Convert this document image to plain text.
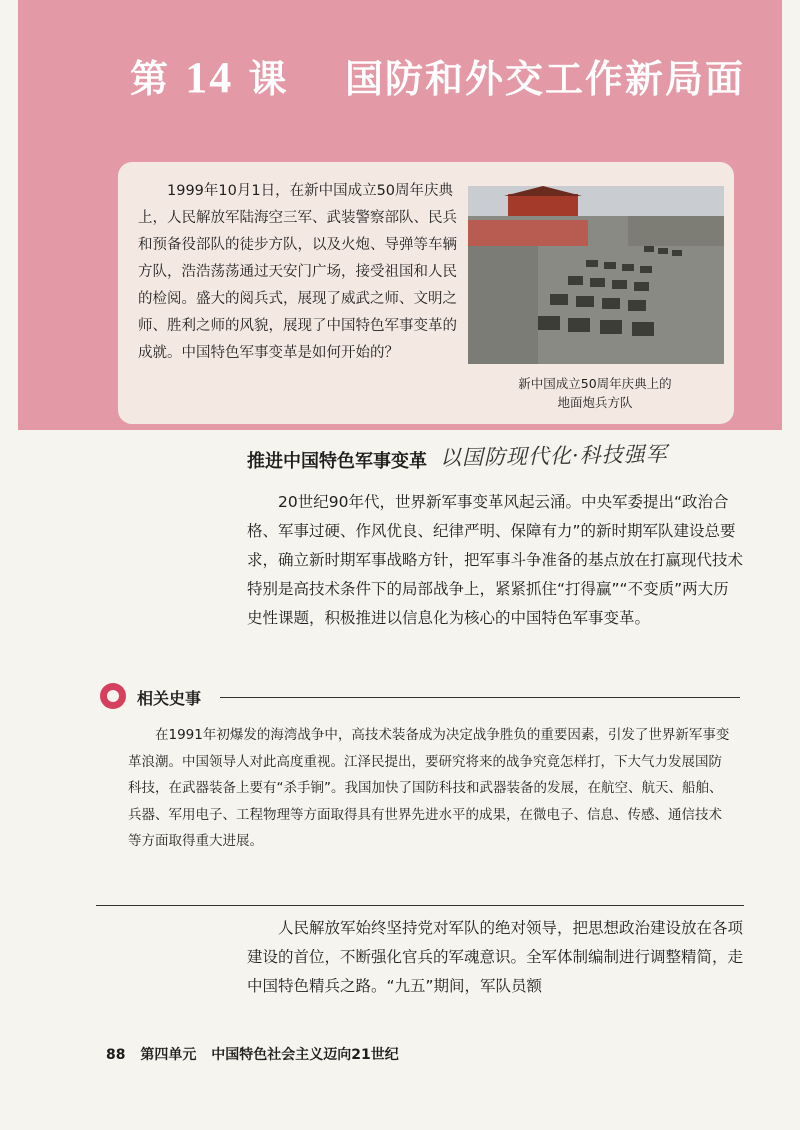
第 14 课 国防和外交工作新局面
1999年10月1日，在新中国成立50周年庆典上，人民解放军陆海空三军、武装警察部队、民兵和预备役部队的徒步方队，以及火炮、导弹等车辆方队，浩浩荡荡通过天安门广场，接受祖国和人民的检阅。盛大的阅兵式，展现了威武之师、文明之师、胜利之师的风貌，展现了中国特色军事变革的成就。中国特色军事变革是如何开始的？
新中国成立50周年庆典上的
地面炮兵方队
推进中国特色军事变革 以国防现代化·科技强军
20世纪90年代，世界新军事变革风起云涌。中央军委提出“政治合格、军事过硬、作风优良、纪律严明、保障有力”的新时期军队建设总要求，确立新时期军事战略方针，把军事斗争准备的基点放在打赢现代技术特别是高技术条件下的局部战争上，紧紧抓住“打得赢”“不变质”两大历史性课题，积极推进以信息化为核心的中国特色军事变革。
相关史事
在1991年初爆发的海湾战争中，高技术装备成为决定战争胜负的重要因素，引发了世界新军事变革浪潮。中国领导人对此高度重视。江泽民提出，要研究将来的战争究竟怎样打，下大气力发展国防科技，在武器装备上要有“杀手锏”。我国加快了国防科技和武器装备的发展，在航空、航天、船舶、兵器、军用电子、工程物理等方面取得具有世界先进水平的成果，在微电子、信息、传感、通信技术等方面取得重大进展。
人民解放军始终坚持党对军队的绝对领导，把思想政治建设放在各项建设的首位，不断强化官兵的军魂意识。全军体制编制进行调整精简，走中国特色精兵之路。“九五”期间，军队员额
88 第四单元 中国特色社会主义迈向21世纪
